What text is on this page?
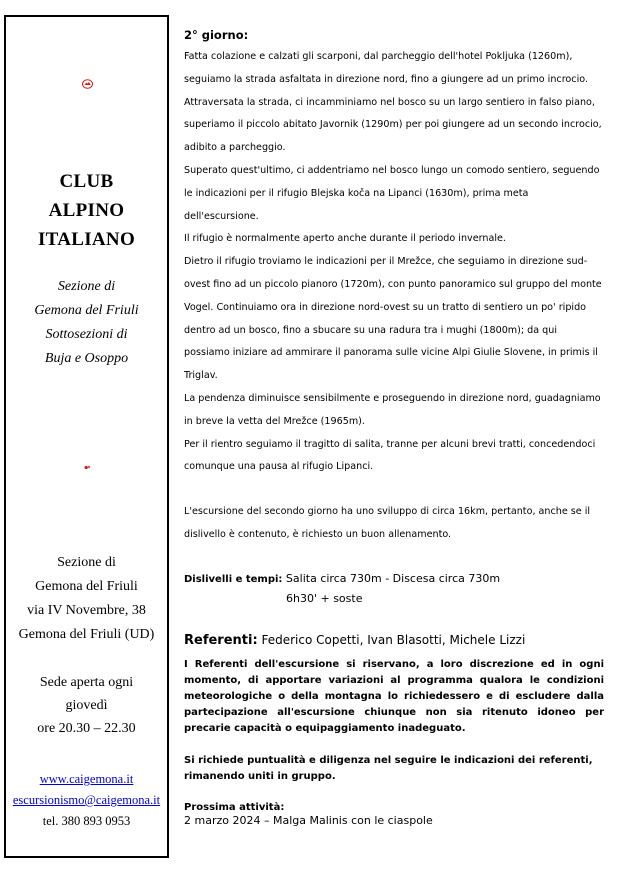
CLUB
ALPINO
ITALIANO
Sezione di
Gemona del Friuli
Sottosezioni di
Buja e Osoppo
Sezione di
Gemona del Friuli
via IV Novembre, 38
Gemona del Friuli (UD)
Sede aperta ogni
giovedì
ore 20.30 – 22.30
www.caigemona.it
escursionismo@caigemona.it
tel. 380 893 0953
2° giorno:

Fatta colazione e calzati gli scarponi, dal parcheggio dell'hotel Pokljuka (1260m), seguiamo la strada asfaltata in direzione nord, fino a giungere ad un primo incrocio. Attraversata la strada, ci incamminiamo nel bosco su un largo sentiero in falso piano, superiamo il piccolo abitato Javornik (1290m) per poi giungere ad un secondo incrocio, adibito a parcheggio.

Superato quest'ultimo, ci addentriamo nel bosco lungo un comodo sentiero, seguendo le indicazioni per il rifugio Blejska koča na Lipanci (1630m), prima meta dell'escursione.

Il rifugio è normalmente aperto anche durante il periodo invernale.

Dietro il rifugio troviamo le indicazioni per il Mrežce, che seguiamo in direzione sud-ovest fino ad un piccolo pianoro (1720m), con punto panoramico sul gruppo del monte Vogel. Continuiamo ora in direzione nord-ovest su un tratto di sentiero un po' ripido dentro ad un bosco, fino a sbucare su una radura tra i mughi (1800m); da qui possiamo iniziare ad ammirare il panorama sulle vicine Alpi Giulie Slovene, in primis il Triglav.

La pendenza diminuisce sensibilmente e proseguendo in direzione nord, guadagniamo in breve la vetta del Mrežce (1965m).

Per il rientro seguiamo il tragitto di salita, tranne per alcuni brevi tratti, concedendoci comunque una pausa al rifugio Lipanci.

L'escursione del secondo giorno ha uno sviluppo di circa 16km, pertanto, anche se il dislivello è contenuto, è richiesto un buon allenamento.

Dislivelli e tempi: Salita circa 730m - Discesa circa 730m
6h30' + soste
Referenti: Federico Copetti, Ivan Blasotti, Michele Lizzi
I Referenti dell'escursione si riservano, a loro discrezione ed in ogni momento, di apportare variazioni al programma qualora le condizioni meteorologiche o della montagna lo richiedessero e di escludere dalla partecipazione all'escursione chiunque non sia ritenuto idoneo per precarie capacità o equipaggiamento inadeguato.
Si richiede puntualità e diligenza nel seguire le indicazioni dei referenti, rimanendo uniti in gruppo.
Prossima attività:
2 marzo 2024 – Malga Malinis con le ciaspole
